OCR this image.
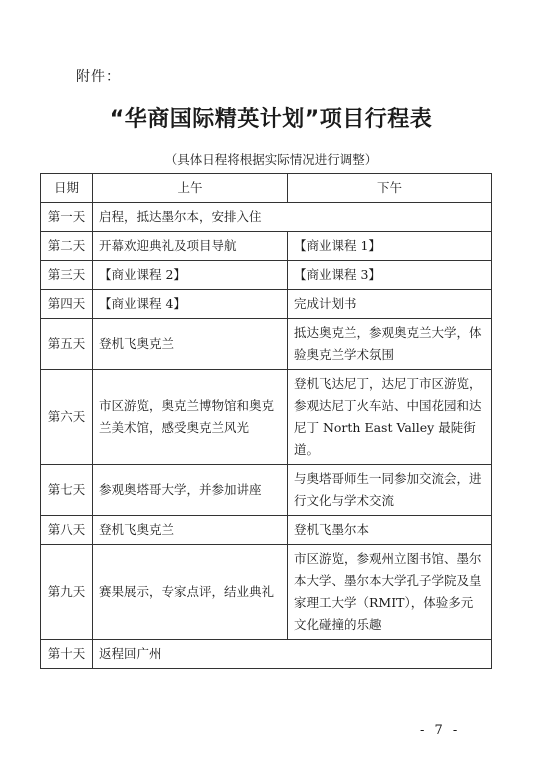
附件：
“华商国际精英计划”项目行程表
（具体日程将根据实际情况进行调整）
日期	上午	下午
第一天	启程，抵达墨尔本，安排入住	
第二天	开幕欢迎典礼及项目导航	【商业课程 1】
第三天	【商业课程 2】	【商业课程 3】
第四天	【商业课程 4】	完成计划书
第五天	登机飞奥克兰	抵达奥克兰，参观奥克兰大学，体验奥克兰学术氛围
第六天	市区游览，奥克兰博物馆和奥克兰美术馆，感受奥克兰风光	登机飞达尼丁，达尼丁市区游览，参观达尼丁火车站、中国花园和达尼丁 North East Valley 最陡街道。
第七天	参观奥塔哥大学，并参加讲座	与奥塔哥师生一同参加交流会，进行文化与学术交流
第八天	登机飞奥克兰	登机飞墨尔本
第九天	赛果展示，专家点评，结业典礼	市区游览，参观州立图书馆、墨尔本大学、墨尔本大学孔子学院及皇家理工大学（RMIT），体验多元文化碰撞的乐趣
第十天	返程回广州	
- 7 -
